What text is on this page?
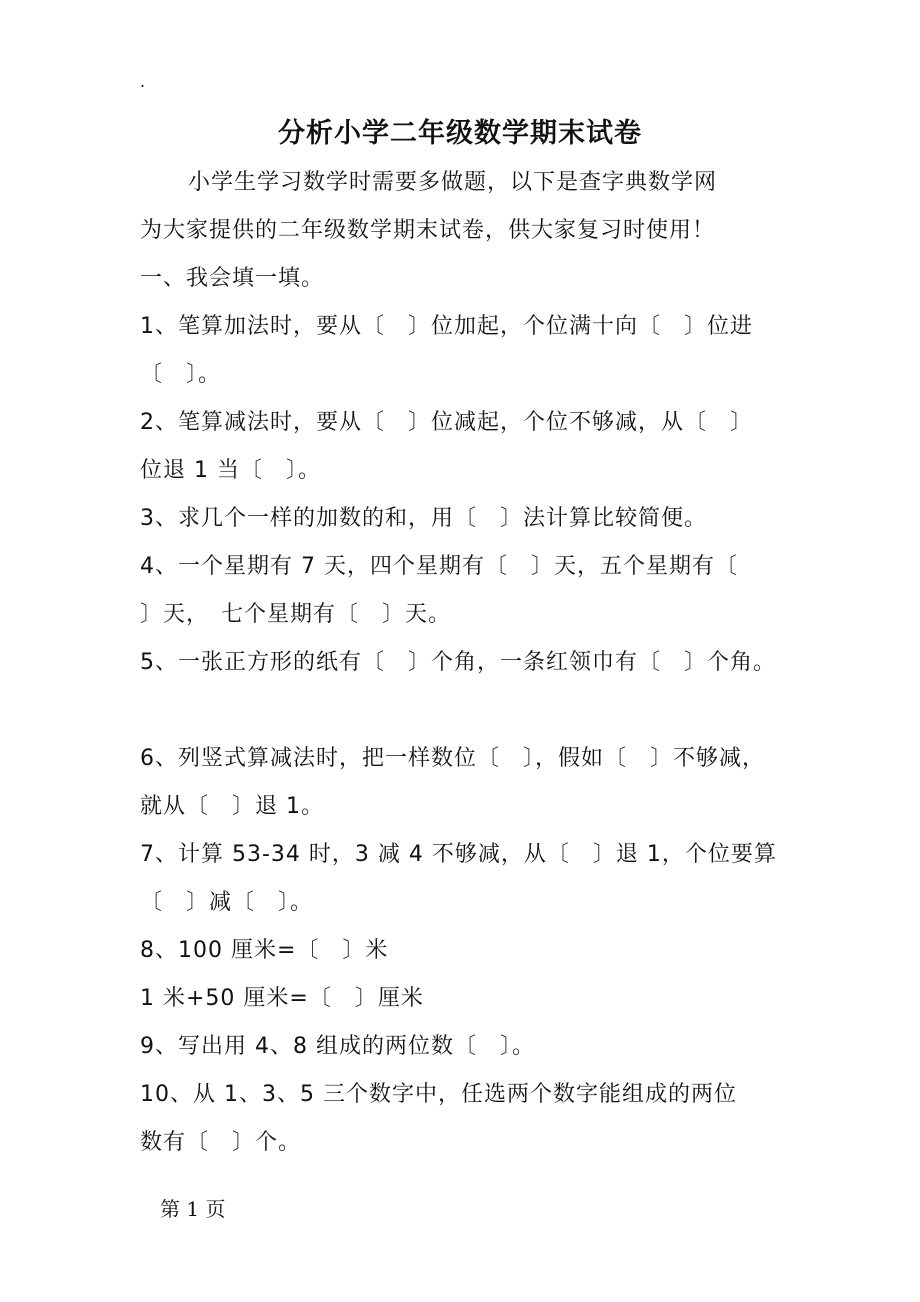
.
分析小学二年级数学期末试卷
小学生学习数学时需要多做题，以下是查字典数学网
为大家提供的二年级数学期末试卷，供大家复习时使用！
一、我会填一填。
1、笔算加法时，要从〔　〕位加起，个位满十向〔　〕位进
〔　〕。
2、笔算减法时，要从〔　〕位减起，个位不够减，从〔　〕
位退 1 当〔　〕。
3、求几个一样的加数的和，用〔　〕法计算比较简便。
4、一个星期有 7 天，四个星期有〔　〕天，五个星期有〔
〕天，　七个星期有〔　〕天。
5、一张正方形的纸有〔　〕个角，一条红领巾有〔　〕个角。
6、列竖式算减法时，把一样数位〔　〕，假如〔　〕不够减，
就从〔　〕退 1。
7、计算 53-34 时，3 减 4 不够减，从〔　〕退 1，个位要算
〔　〕减〔　〕。
8、100 厘米=〔　〕米
1 米+50 厘米=〔　〕厘米
9、写出用 4、8 组成的两位数〔　〕。
10、从 1、3、5 三个数字中，任选两个数字能组成的两位
数有〔　〕个。
第 1 页
